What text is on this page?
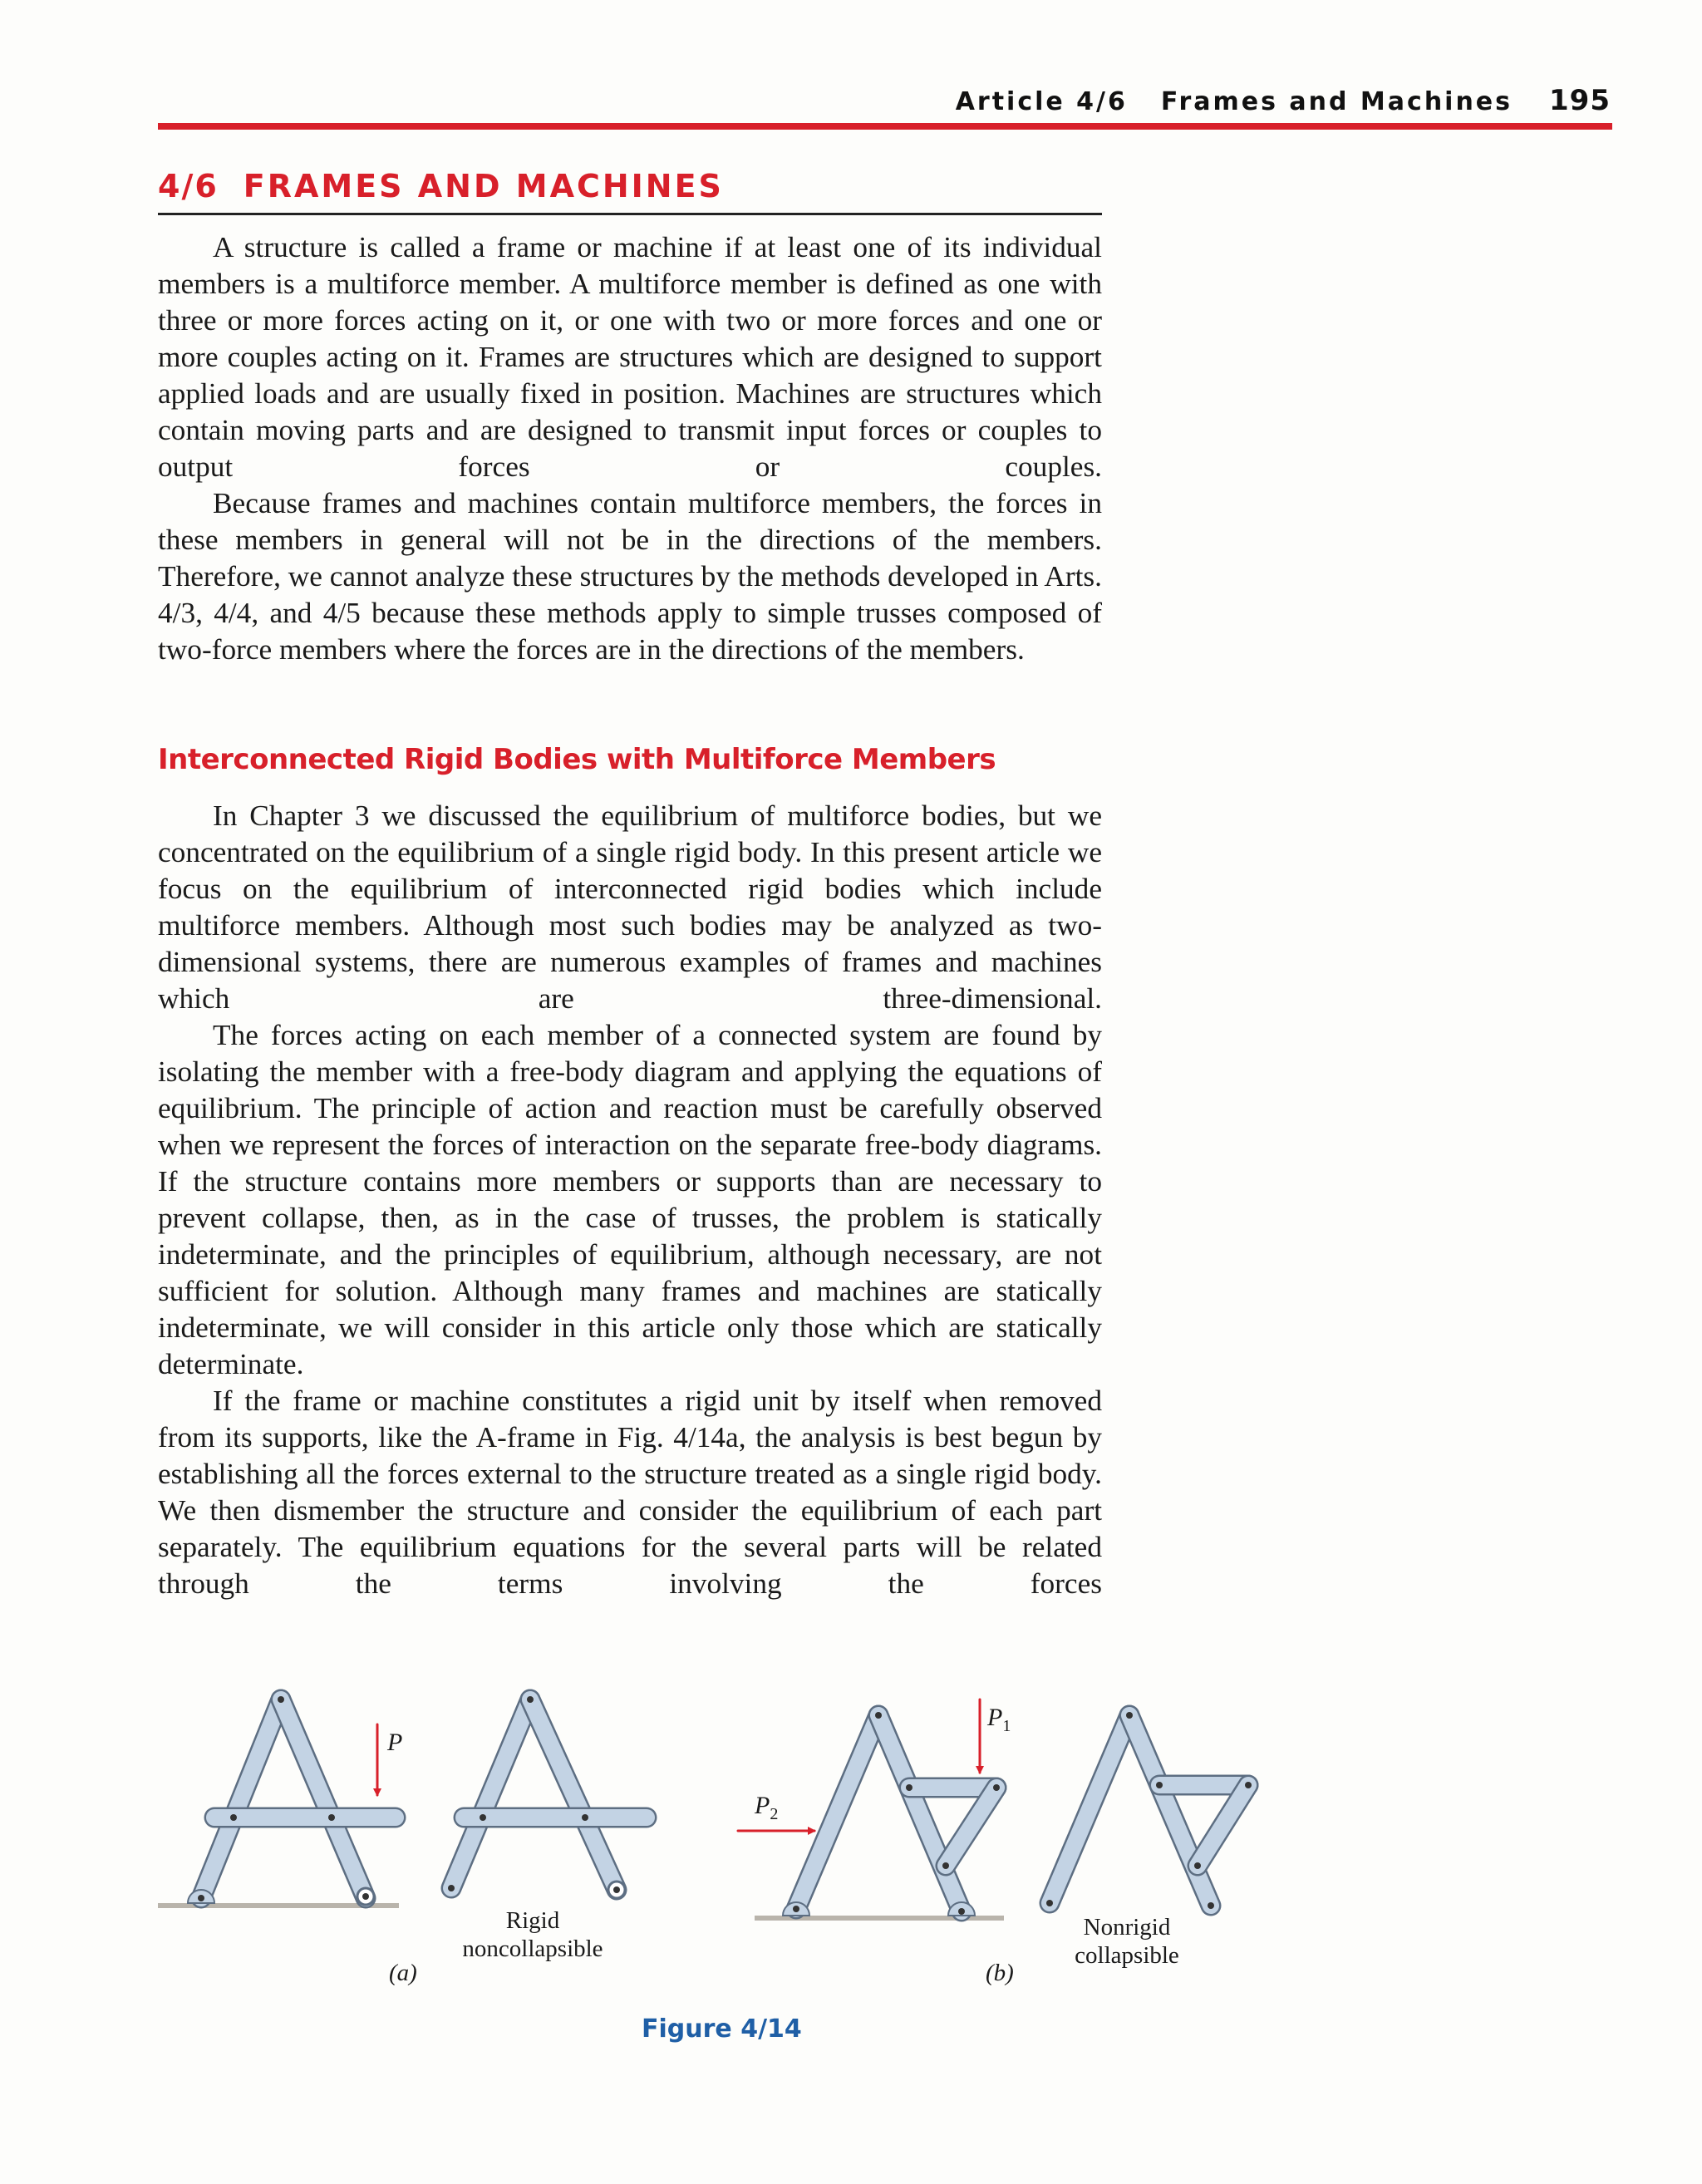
Article 4/6 Frames and Machines 195
4/6 FRAMES AND MACHINES

A structure is called a frame or machine if at least one of its individual members is a multiforce member. A multiforce member is defined as one with three or more forces acting on it, or one with two or more forces and one or more couples acting on it. Frames are structures which are designed to support applied loads and are usually fixed in position. Machines are structures which contain moving parts and are designed to transmit input forces or couples to output forces or couples.

Because frames and machines contain multiforce members, the forces in these members in general will not be in the directions of the members. Therefore, we cannot analyze these structures by the methods developed in Arts. 4/3, 4/4, and 4/5 because these methods apply to simple trusses composed of two-force members where the forces are in the directions of the members.

Interconnected Rigid Bodies with Multiforce Members

In Chapter 3 we discussed the equilibrium of multiforce bodies, but we concentrated on the equilibrium of a single rigid body. In this present article we focus on the equilibrium of interconnected rigid bodies which include multiforce members. Although most such bodies may be analyzed as two-dimensional systems, there are numerous examples of frames and machines which are three-dimensional.

The forces acting on each member of a connected system are found by isolating the member with a free-body diagram and applying the equations of equilibrium. The principle of action and reaction must be carefully observed when we represent the forces of interaction on the separate free-body diagrams. If the structure contains more members or supports than are necessary to prevent collapse, then, as in the case of trusses, the problem is statically indeterminate, and the principles of equilibrium, although necessary, are not sufficient for solution. Although many frames and machines are statically indeterminate, we will consider in this article only those which are statically determinate.

If the frame or machine constitutes a rigid unit by itself when removed from its supports, like the A-frame in Fig. 4/14a, the analysis is best begun by establishing all the forces external to the structure treated as a single rigid body. We then dismember the structure and consider the equilibrium of each part separately. The equilibrium equations for the several parts will be related through the terms involving the forces

P
Rigid
noncollapsible
(a)
$P_1$
$P_2$
Nonrigid
collapsible
(b)
Figure 4/14
